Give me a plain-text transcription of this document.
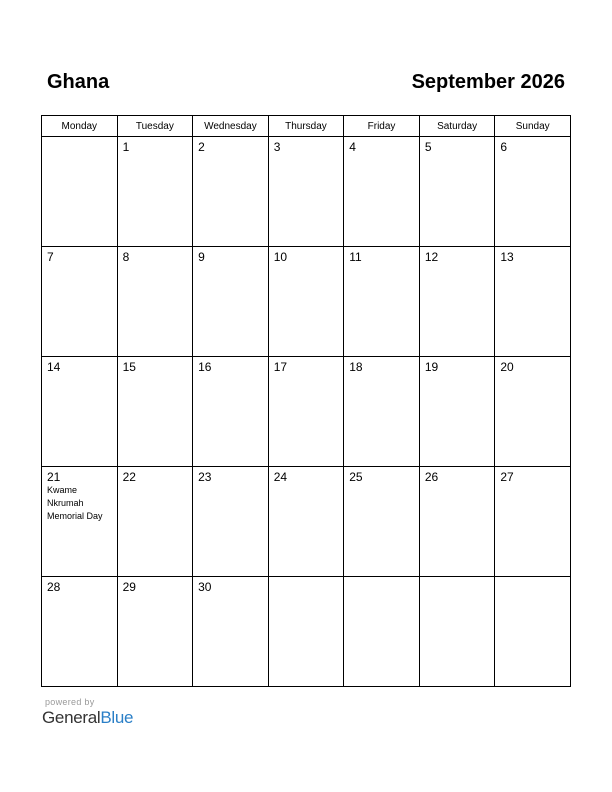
Ghana	September 2026
Monday	Tuesday	Wednesday	Thursday	Friday	Saturday	Sunday

	1	2	3	4	5	6

7	8	9	10	11	12	13

14	15	16	17	18	19	20

21
Kwame
Nkrumah
Memorial Day	22	23	24	25	26	27

28	29	30				

powered by
GeneralBlue
